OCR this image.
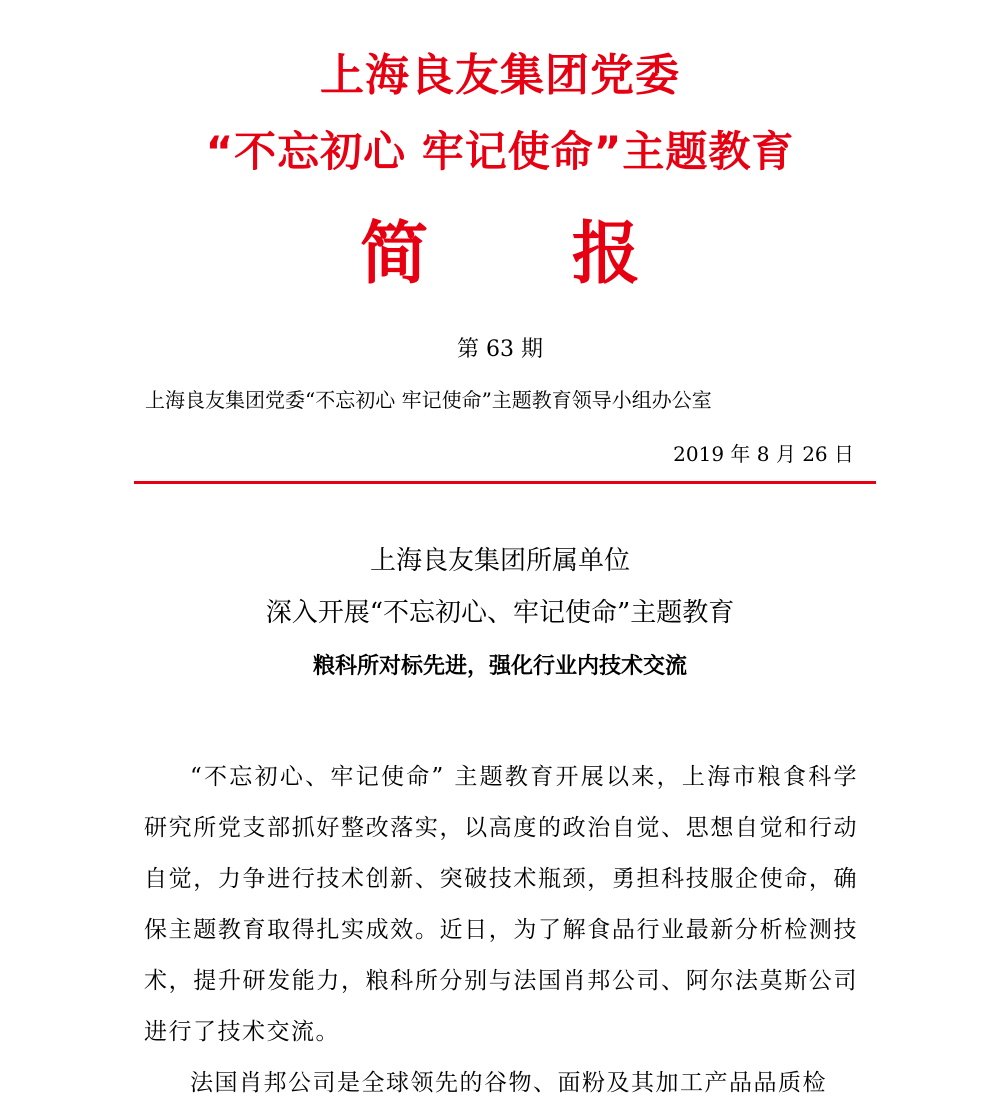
上海良友集团党委
“不忘初心 牢记使命”主题教育
简 报
第 63 期
上海良友集团党委“不忘初心 牢记使命”主题教育领导小组办公室
2019 年 8 月 26 日
上海良友集团所属单位
深入开展“不忘初心、牢记使命”主题教育
粮科所对标先进，强化行业内技术交流

“不忘初心、牢记使命” 主题教育开展以来，上海市粮食科学研究所党支部抓好整改落实，以高度的政治自觉、思想自觉和行动自觉，力争进行技术创新、突破技术瓶颈，勇担科技服企使命，确保主题教育取得扎实成效。近日，为了解食品行业最新分析检测技术，提升研发能力，粮科所分别与法国肖邦公司、阿尔法莫斯公司进行了技术交流。

法国肖邦公司是全球领先的谷物、面粉及其加工产品品质检
